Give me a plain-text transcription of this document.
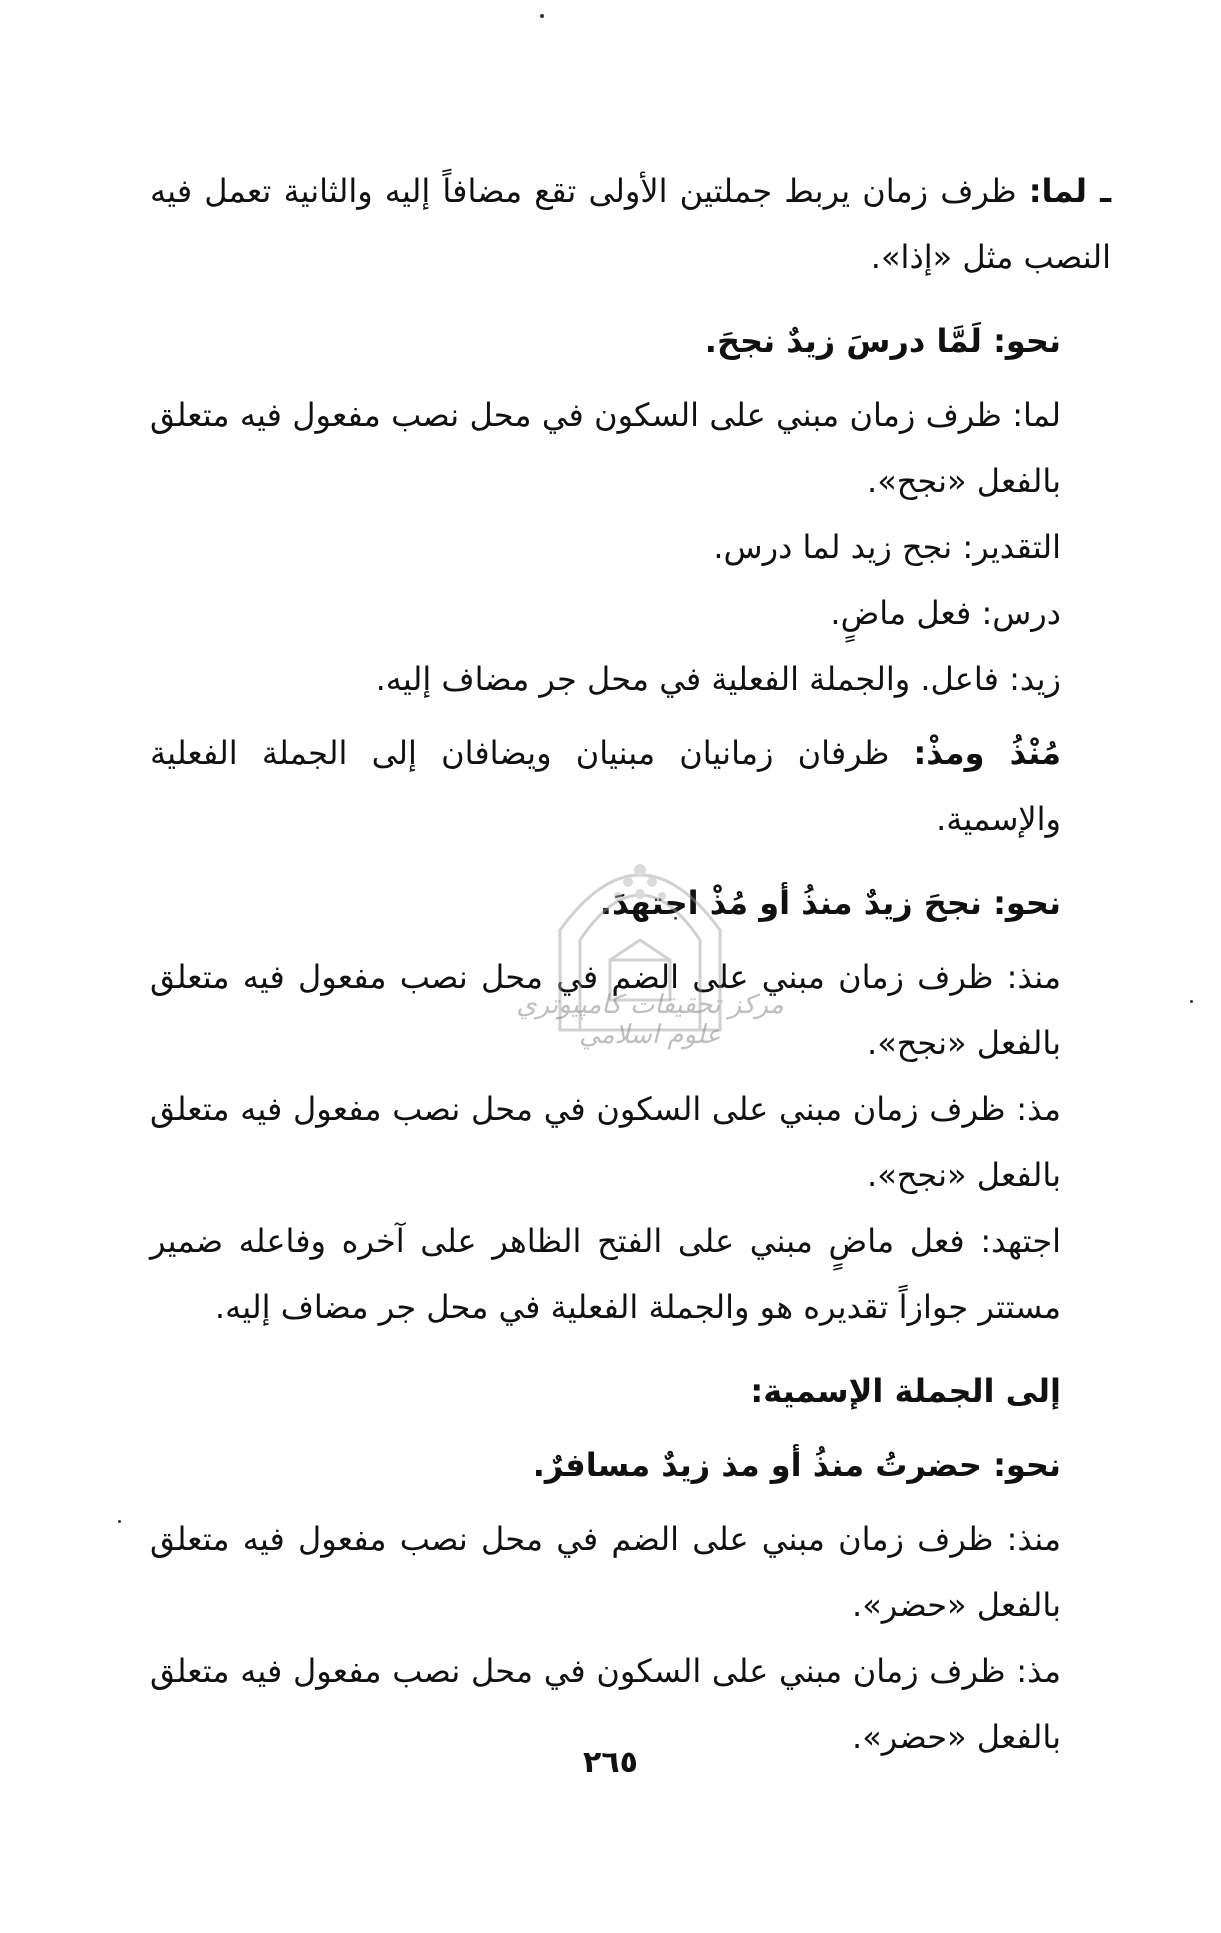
ـ لما: ظرف زمان يربط جملتين الأولى تقع مضافاً إليه والثانية تعمل فيه النصب مثل «إذا».

نحو: لَمَّا درسَ زيدٌ نجحَ.

لما: ظرف زمان مبني على السكون في محل نصب مفعول فيه متعلق بالفعل «نجح».

التقدير: نجح زيد لما درس.

درس: فعل ماضٍ.

زيد: فاعل. والجملة الفعلية في محل جر مضاف إليه.

مُنْذُ ومذْ: ظرفان زمانيان مبنيان ويضافان إلى الجملة الفعلية والإسمية.

نحو: نجحَ زيدٌ منذُ أو مُذْ اجتهدَ.

منذ: ظرف زمان مبني على الضم في محل نصب مفعول فيه متعلق بالفعل «نجح».

مذ: ظرف زمان مبني على السكون في محل نصب مفعول فيه متعلق بالفعل «نجح».

اجتهد: فعل ماضٍ مبني على الفتح الظاهر على آخره وفاعله ضمير مستتر جوازاً تقديره هو والجملة الفعلية في محل جر مضاف إليه.

إلى الجملة الإسمية:

نحو: حضرتُ منذُ أو مذ زيدٌ مسافرٌ.

منذ: ظرف زمان مبني على الضم في محل نصب مفعول فيه متعلق بالفعل «حضر».

مذ: ظرف زمان مبني على السكون في محل نصب مفعول فيه متعلق بالفعل «حضر».

مركز تحقيقات كامپيوتري علوم اسلامي
٢٦٥
